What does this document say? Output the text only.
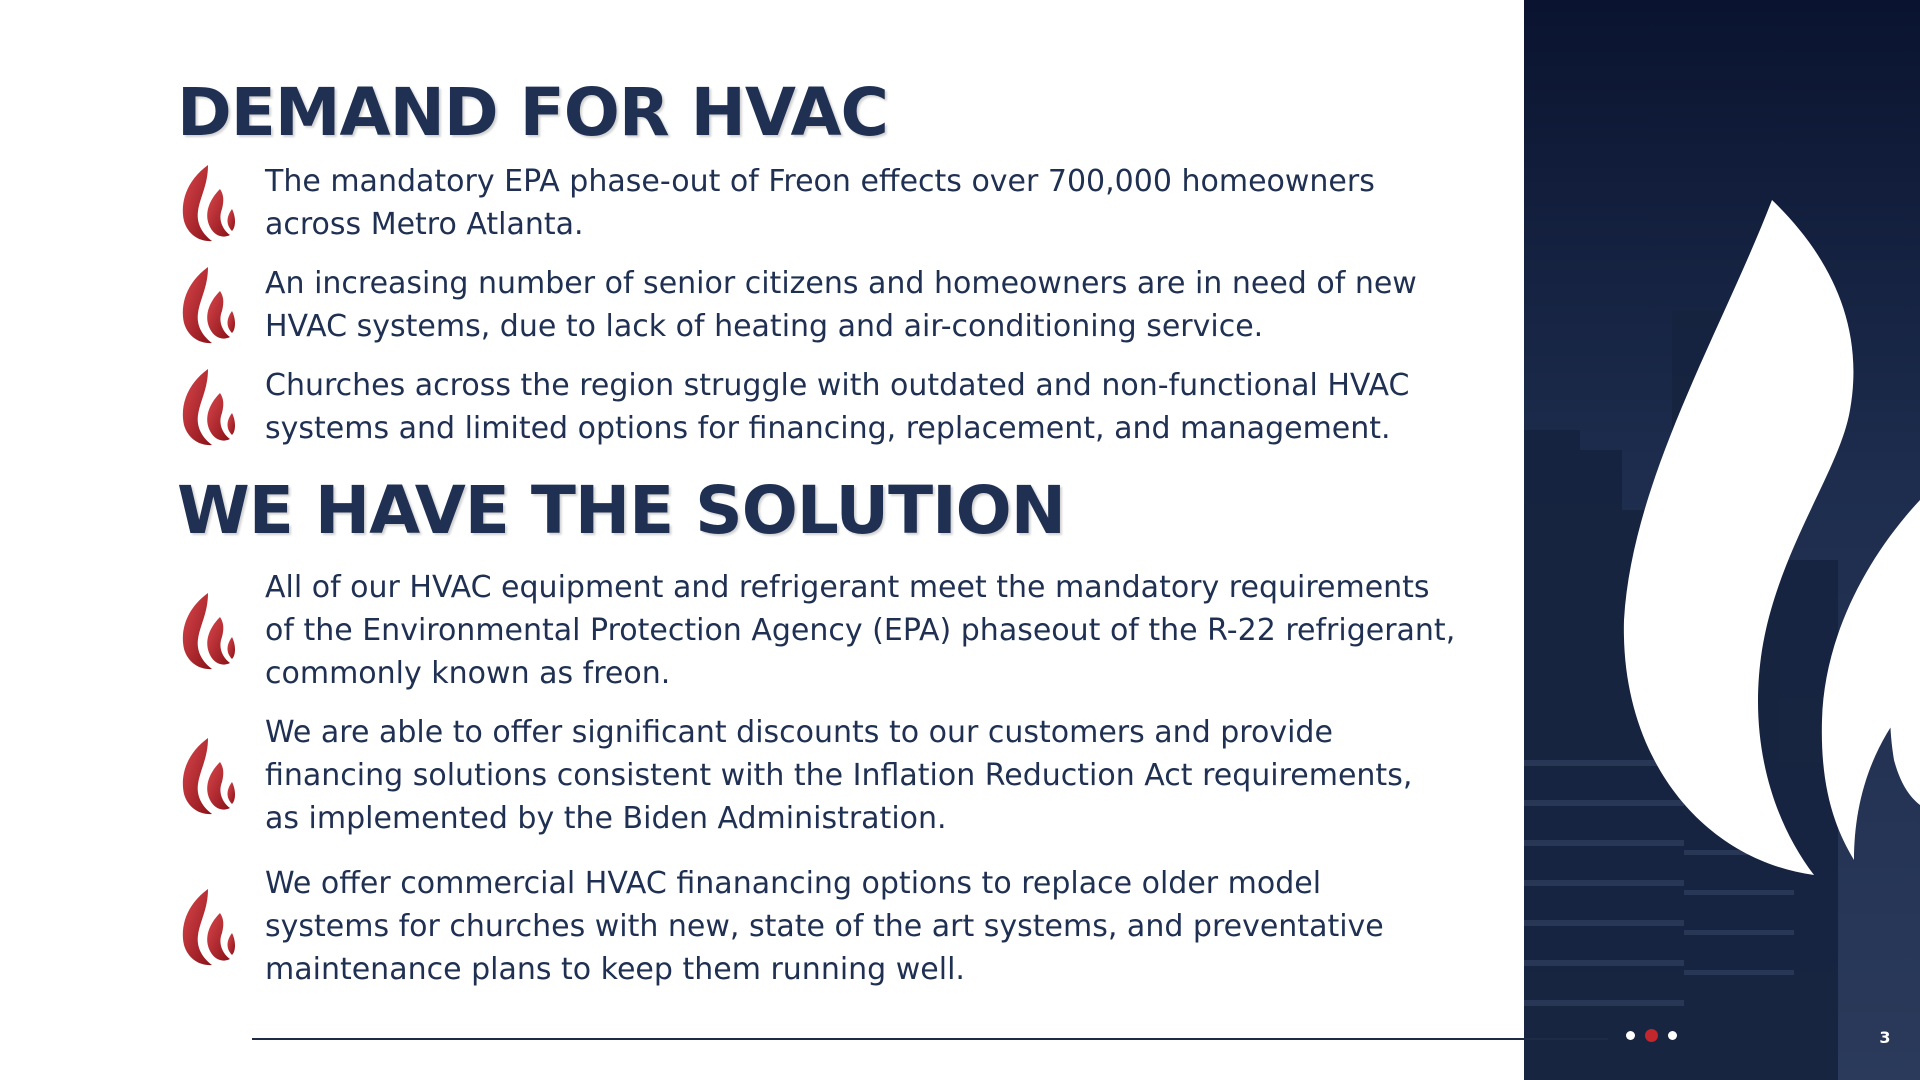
DEMAND FOR HVAC
The mandatory EPA phase-out of Freon effects over 700,000 homeowners
across Metro Atlanta.
An increasing number of senior citizens and homeowners are in need of new
HVAC systems, due to lack of heating and air-conditioning service.
Churches across the region struggle with outdated and non-functional HVAC
systems and limited options for financing, replacement, and management.
WE HAVE THE SOLUTION
All of our HVAC equipment and refrigerant meet the mandatory requirements
of the Environmental Protection Agency (EPA) phaseout of the R-22 refrigerant,
commonly known as freon.
We are able to offer significant discounts to our customers and provide
financing solutions consistent with the Inflation Reduction Act requirements,
as implemented by the Biden Administration.
We offer commercial HVAC finanancing options to replace older model
systems for churches with new, state of the art systems, and preventative
maintenance plans to keep them running well.
3
